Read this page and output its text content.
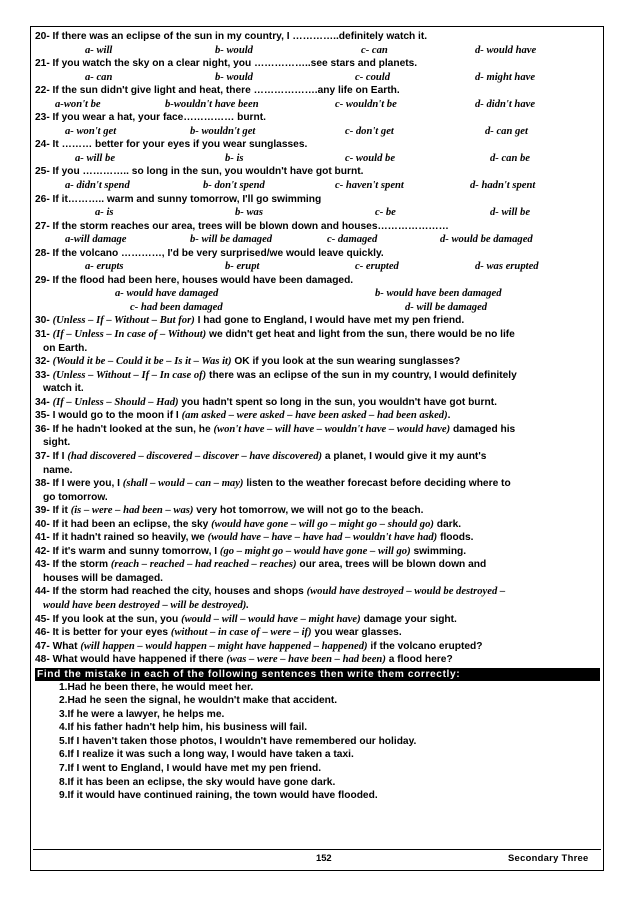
20- If there was an eclipse of the sun in my country, I …………..definitely watch it.
a- will	b- would	c- can	d- would have
21- If you watch the sky on a clear night, you ……………..see stars and planets.
a- can	b- would	c- could	d- might have
22- If the sun didn't give light and heat, there ……………….any life on Earth.
a-won't be	b-wouldn't have been	c- wouldn't be	d- didn't have
23- If you wear a hat, your face…………… burnt.
a- won't get	b- wouldn't get	c- don't get	d- can get
24- It ……… better for your eyes if you wear sunglasses.
a- will be	b- is	c- would be	d- can be
25- If you ………….. so long in the sun, you wouldn't have got burnt.
a- didn't spend	b- don't spend	c- haven't spent	d- hadn't spent
26- If it……….. warm and sunny tomorrow, I'll go swimming
a- is	b- was	c- be	d- will be
27- If the storm reaches our area, trees will be blown down and houses…………………
a-will damage	b- will be damaged	c- damaged	d- would be damaged
28- If the volcano …………, I'd be very surprised/we would leave quickly.
a- erupts	b- erupt	c- erupted	d- was erupted
29- If the flood had been here, houses would have been damaged.
a- would have damaged	b- would have been damaged
c- had been damaged	d- will be damaged
30- (Unless – If – Without – But for) I had gone to England, I would have met my pen friend.
31- (If – Unless – In case of – Without) we didn't get heat and light from the sun, there would be no life
on Earth.
32- (Would it be – Could it be – Is it – Was it) OK if you look at the sun wearing sunglasses?
33- (Unless – Without – If – In case of) there was an eclipse of the sun in my country, I would definitely
watch it.
34- (If – Unless – Should – Had) you hadn't spent so long in the sun, you wouldn't have got burnt.
35- I would go to the moon if I (am asked – were asked – have been asked – had been asked).
36- If he hadn't looked at the sun, he (won't have – will have – wouldn't have – would have) damaged his
sight.
37- If I (had discovered – discovered – discover – have discovered) a planet, I would give it my aunt's
name.
38- If I were you, I (shall – would – can – may) listen to the weather forecast before deciding where to
go tomorrow.
39- If it (is – were – had been – was) very hot tomorrow, we will not go to the beach.
40- If it had been an eclipse, the sky (would have gone – will go – might go – should go) dark.
41- If it hadn't rained so heavily, we (would have – have – have had – wouldn't have had) floods.
42- If it's warm and sunny tomorrow, I (go – might go – would have gone – will go) swimming.
43- If the storm (reach – reached – had reached – reaches) our area, trees will be blown down and
houses will be damaged.
44- If the storm had reached the city, houses and shops (would have destroyed – would be destroyed –
would have been destroyed – will be destroyed).
45- If you look at the sun, you (would – will – would have – might have) damage your sight.
46- It is better for your eyes (without – in case of – were – if) you wear glasses.
47- What (will happen – would happen – might have happened – happened) if the volcano erupted?
48- What would have happened if there (was – were – have been – had been) a flood here?
Find the mistake in each of the following sentences then write them correctly:
1.Had he been there, he would meet her.
2.Had he seen the signal, he wouldn't make that accident.
3.If he were a lawyer, he helps me.
4.If his father hadn't help him, his business will fail.
5.If I haven't taken those photos, I wouldn't have remembered our holiday.
6.If I realize it was such a long way, I would have taken a taxi.
7.If I went to England, I would have met my pen friend.
8.If it has been an eclipse, the sky would have gone dark.
9.If it would have continued raining, the town would have flooded.
152	Secondary Three
